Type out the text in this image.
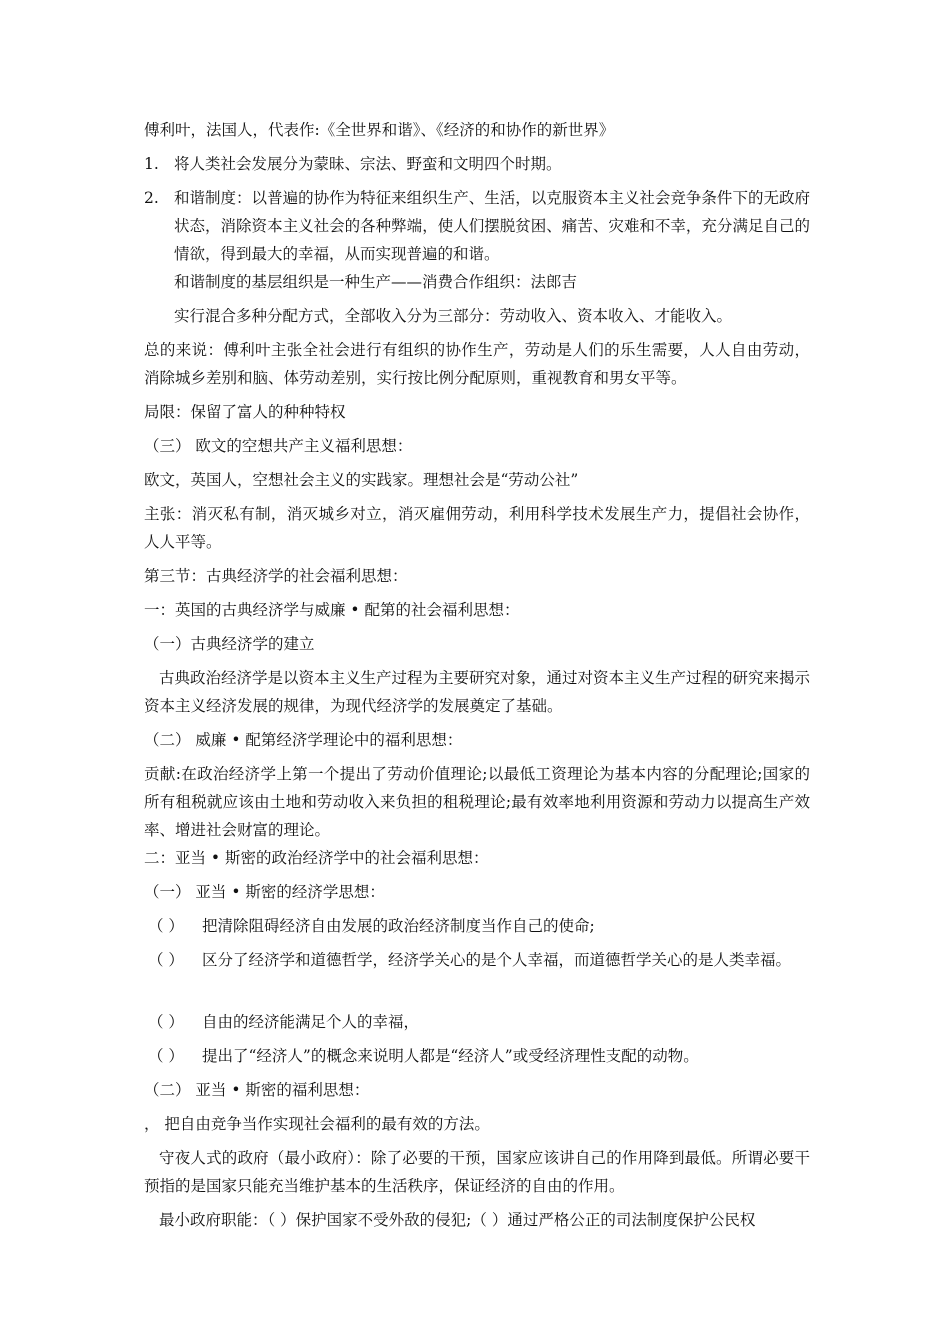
傅利叶，法国人，代表作:《全世界和谐》、《经济的和协作的新世界》

1. 将人类社会发展分为蒙昧、宗法、野蛮和文明四个时期。
2. 和谐制度：以普遍的协作为特征来组织生产、生活，以克服资本主义社会竞争条件下的无政府状态，消除资本主义社会的各种弊端，使人们摆脱贫困、痛苦、灾难和不幸，充分满足自己的情欲，得到最大的幸福，从而实现普遍的和谐。

和谐制度的基层组织是一种生产——消费合作组织：法郎吉

实行混合多种分配方式，全部收入分为三部分：劳动收入、资本收入、才能收入。

总的来说：傅利叶主张全社会进行有组织的协作生产，劳动是人们的乐生需要，人人自由劳动，消除城乡差别和脑、体劳动差别，实行按比例分配原则，重视教育和男女平等。

局限：保留了富人的种种特权

（三） 欧文的空想共产主义福利思想：

欧文，英国人，空想社会主义的实践家。理想社会是“劳动公社”

主张：消灭私有制，消灭城乡对立，消灭雇佣劳动，利用科学技术发展生产力，提倡社会协作，人人平等。

第三节：古典经济学的社会福利思想：

一：英国的古典经济学与威廉 • 配第的社会福利思想：

（一）古典经济学的建立

古典政治经济学是以资本主义生产过程为主要研究对象，通过对资本主义生产过程的研究来揭示资本主义经济发展的规律，为现代经济学的发展奠定了基础。

（二） 威廉 • 配第经济学理论中的福利思想：

贡献:在政治经济学上第一个提出了劳动价值理论;以最低工资理论为基本内容的分配理论;国家的所有租税就应该由土地和劳动收入来负担的租税理论;最有效率地利用资源和劳动力以提高生产效率、增进社会财富的理论。

二：亚当 • 斯密的政治经济学中的社会福利思想：

（一） 亚当 • 斯密的经济学思想：

（ ） 把清除阻碍经济自由发展的政治经济制度当作自己的使命;
（ ） 区分了经济学和道德哲学，经济学关心的是个人幸福，而道德哲学关心的是人类幸福。
（ ） 自由的经济能满足个人的幸福，
（ ） 提出了“经济人”的概念来说明人都是“经济人”或受经济理性支配的动物。

（二） 亚当 • 斯密的福利思想：

， 把自由竞争当作实现社会福利的最有效的方法。

守夜人式的政府（最小政府）：除了必要的干预，国家应该讲自己的作用降到最低。所谓必要干预指的是国家只能充当维护基本的生活秩序，保证经济的自由的作用。

最小政府职能：（ ）保护国家不受外敌的侵犯;（ ）通过严格公正的司法制度保护公民权
